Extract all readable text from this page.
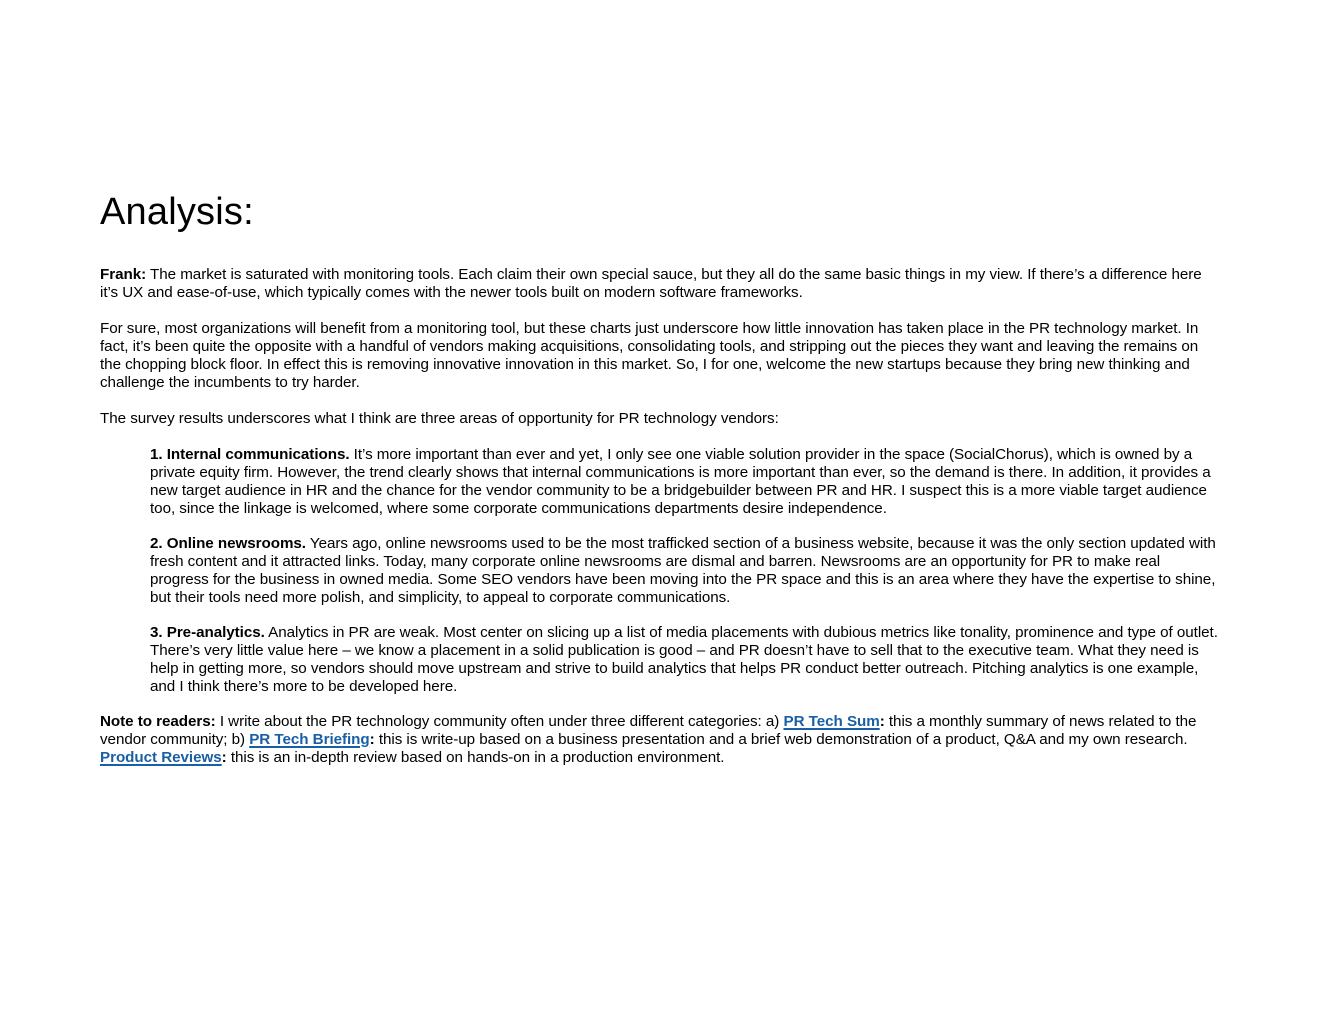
Analysis:

Frank: The market is saturated with monitoring tools. Each claim their own special sauce, but they all do the same basic things in my view. If there’s a difference here it’s UX and ease-of-use, which typically comes with the newer tools built on modern software frameworks.

For sure, most organizations will benefit from a monitoring tool, but these charts just underscore how little innovation has taken place in the PR technology market. In fact, it’s been quite the opposite with a handful of vendors making acquisitions, consolidating tools, and stripping out the pieces they want and leaving the remains on the chopping block floor. In effect this is removing innovative innovation in this market. So, I for one, welcome the new startups because they bring new thinking and challenge the incumbents to try harder.

The survey results underscores what I think are three areas of opportunity for PR technology vendors:

1. Internal communications. It’s more important than ever and yet, I only see one viable solution provider in the space (SocialChorus), which is owned by a private equity firm. However, the trend clearly shows that internal communications is more important than ever, so the demand is there. In addition, it provides a new target audience in HR and the chance for the vendor community to be a bridgebuilder between PR and HR. I suspect this is a more viable target audience too, since the linkage is welcomed, where some corporate communications departments desire independence.

2. Online newsrooms. Years ago, online newsrooms used to be the most trafficked section of a business website, because it was the only section updated with fresh content and it attracted links. Today, many corporate online newsrooms are dismal and barren. Newsrooms are an opportunity for PR to make real progress for the business in owned media. Some SEO vendors have been moving into the PR space and this is an area where they have the expertise to shine, but their tools need more polish, and simplicity, to appeal to corporate communications.

3. Pre-analytics. Analytics in PR are weak. Most center on slicing up a list of media placements with dubious metrics like tonality, prominence and type of outlet. There’s very little value here – we know a placement in a solid publication is good – and PR doesn’t have to sell that to the executive team. What they need is help in getting more, so vendors should move upstream and strive to build analytics that helps PR conduct better outreach. Pitching analytics is one example, and I think there’s more to be developed here.

Note to readers: I write about the PR technology community often under three different categories: a) PR Tech Sum: this a monthly summary of news related to the vendor community; b) PR Tech Briefing: this is write-up based on a business presentation and a brief web demonstration of a product, Q&A and my own research. Product Reviews: this is an in-depth review based on hands-on in a production environment.
